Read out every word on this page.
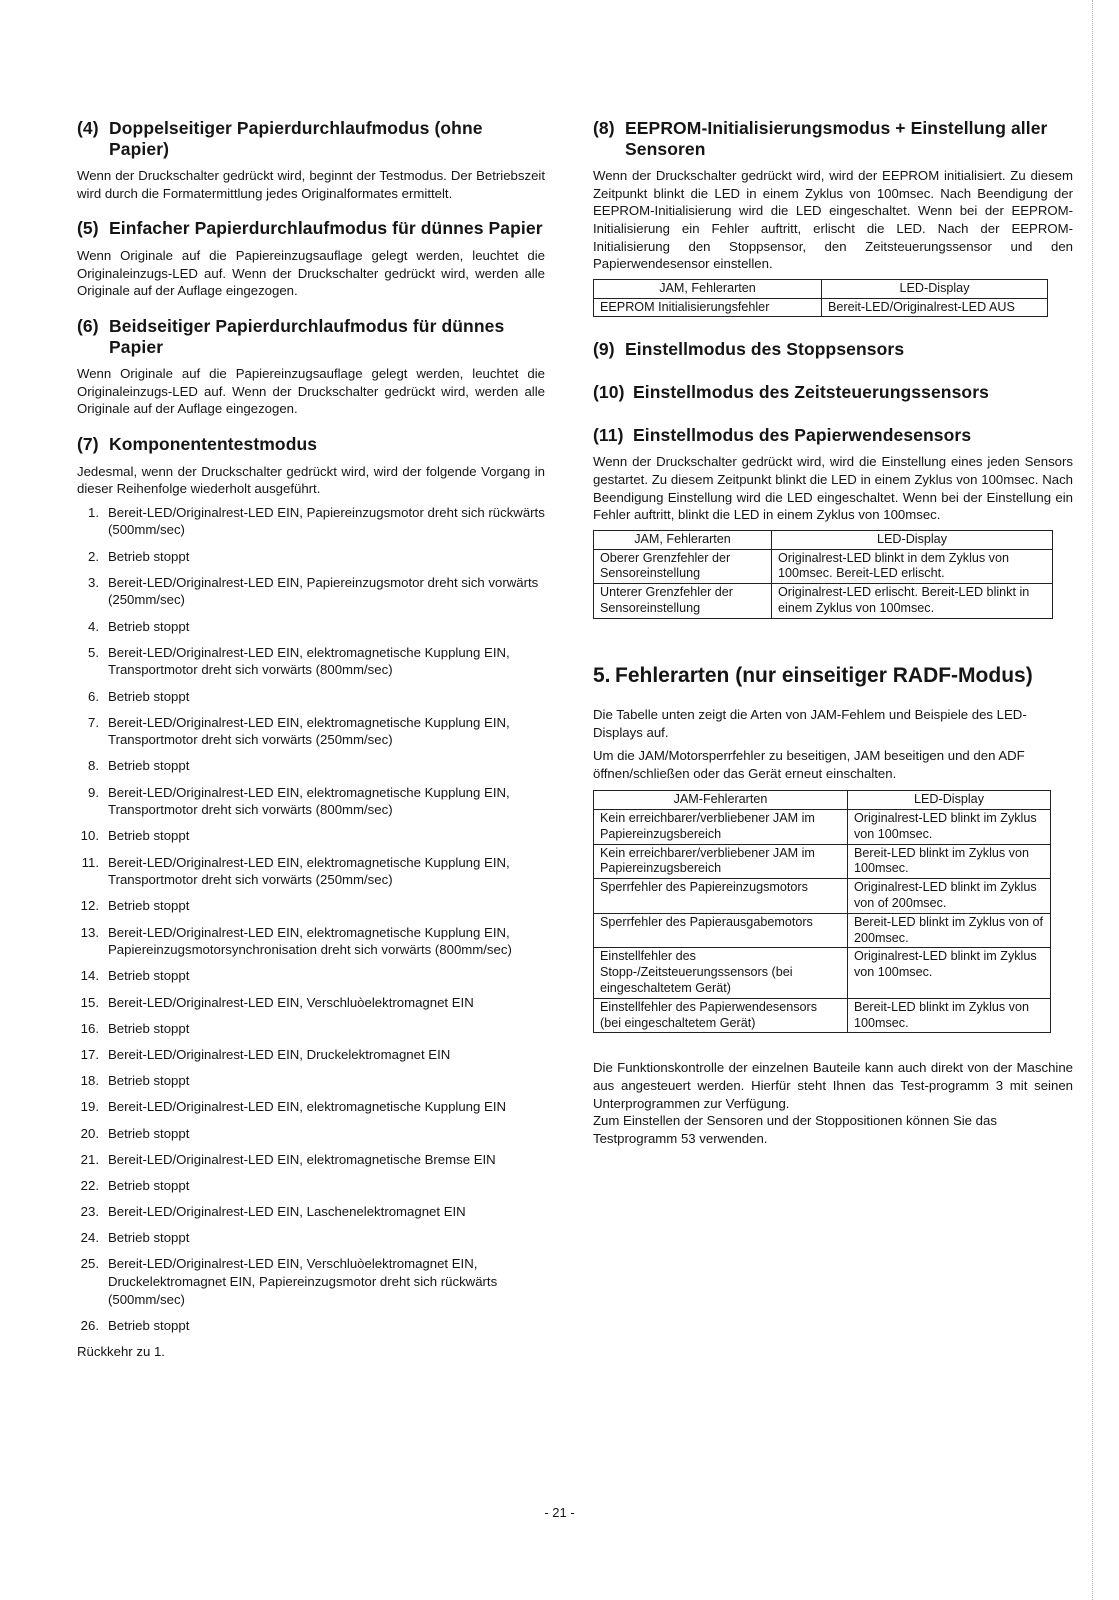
(4) Doppelseitiger Papierdurchlaufmodus (ohne Papier)

Wenn der Druckschalter gedrückt wird, beginnt der Testmodus. Der Betriebszeit wird durch die Formatermittlung jedes Originalformates ermittelt.

(5) Einfacher Papierdurchlaufmodus für dünnes Papier

Wenn Originale auf die Papiereinzugsauflage gelegt werden, leuchtet die Originaleinzugs-LED auf. Wenn der Druckschalter gedrückt wird, werden alle Originale auf der Auflage eingezogen.

(6) Beidseitiger Papierdurchlaufmodus für dünnes Papier

Wenn Originale auf die Papiereinzugsauflage gelegt werden, leuchtet die Originaleinzugs-LED auf. Wenn der Druckschalter gedrückt wird, werden alle Originale auf der Auflage eingezogen.

(7) Komponententestmodus

Jedesmal, wenn der Druckschalter gedrückt wird, wird der folgende Vorgang in dieser Reihenfolge wiederholt ausgeführt.

1. Bereit-LED/Originalrest-LED EIN, Papiereinzugsmotor dreht sich rückwärts (500mm/sec)
2. Betrieb stoppt
3. Bereit-LED/Originalrest-LED EIN, Papiereinzugsmotor dreht sich vorwärts (250mm/sec)
4. Betrieb stoppt
5. Bereit-LED/Originalrest-LED EIN, elektromagnetische Kupplung EIN, Transportmotor dreht sich vorwärts (800mm/sec)
6. Betrieb stoppt
7. Bereit-LED/Originalrest-LED EIN, elektromagnetische Kupplung EIN, Transportmotor dreht sich vorwärts (250mm/sec)
8. Betrieb stoppt
9. Bereit-LED/Originalrest-LED EIN, elektromagnetische Kupplung EIN, Transportmotor dreht sich vorwärts (800mm/sec)
10. Betrieb stoppt
11. Bereit-LED/Originalrest-LED EIN, elektromagnetische Kupplung EIN, Transportmotor dreht sich vorwärts (250mm/sec)
12. Betrieb stoppt
13. Bereit-LED/Originalrest-LED EIN, elektromagnetische Kupplung EIN, Papiereinzugsmotorsynchronisation dreht sich vorwärts (800mm/sec)
14. Betrieb stoppt
15. Bereit-LED/Originalrest-LED EIN, Verschluòelektromagnet EIN
16. Betrieb stoppt
17. Bereit-LED/Originalrest-LED EIN, Druckelektromagnet EIN
18. Betrieb stoppt
19. Bereit-LED/Originalrest-LED EIN, elektromagnetische Kupplung EIN
20. Betrieb stoppt
21. Bereit-LED/Originalrest-LED EIN, elektromagnetische Bremse EIN
22. Betrieb stoppt
23. Bereit-LED/Originalrest-LED EIN, Laschenelektromagnet EIN
24. Betrieb stoppt
25. Bereit-LED/Originalrest-LED EIN, Verschluòelektromagnet EIN, Druckelektromagnet EIN, Papiereinzugsmotor dreht sich rückwärts (500mm/sec)
26. Betrieb stoppt
Rückkehr zu 1.
(8) EEPROM-Initialisierungsmodus + Einstellung aller Sensoren

Wenn der Druckschalter gedrückt wird, wird der EEPROM initialisiert. Zu diesem Zeitpunkt blinkt die LED in einem Zyklus von 100msec. Nach Beendigung der EEPROM-Initialisierung wird die LED eingeschaltet. Wenn bei der EEPROM-Initialisierung ein Fehler auftritt, erlischt die LED. Nach der EEPROM-Initialisierung den Stoppsensor, den Zeitsteuerungssensor und den Papierwendesensor einstellen.

JAM, Fehlerarten	LED-Display
EEPROM Initialisierungsfehler	Bereit-LED/Originalrest-LED AUS
(9) Einstellmodus des Stoppsensors
(10) Einstellmodus des Zeitsteuerungssensors
(11) Einstellmodus des Papierwendesensors

Wenn der Druckschalter gedrückt wird, wird die Einstellung eines jeden Sensors gestartet. Zu diesem Zeitpunkt blinkt die LED in einem Zyklus von 100msec. Nach Beendigung Einstellung wird die LED eingeschaltet. Wenn bei der Einstellung ein Fehler auftritt, blinkt die LED in einem Zyklus von 100msec.

JAM, Fehlerarten	LED-Display
Oberer Grenzfehler der Sensoreinstellung	Originalrest-LED blinkt in dem Zyklus von 100msec. Bereit-LED erlischt.
Unterer Grenzfehler der Sensoreinstellung	Originalrest-LED erlischt. Bereit-LED blinkt in einem Zyklus von 100msec.
5. Fehlerarten (nur einseitiger RADF-Modus)

Die Tabelle unten zeigt die Arten von JAM-Fehlem und Beispiele des LED-Displays auf.

Um die JAM/Motorsperrfehler zu beseitigen, JAM beseitigen und den ADF öffnen/schließen oder das Gerät erneut einschalten.

JAM-Fehlerarten	LED-Display
Kein erreichbarer/verbliebener JAM im Papiereinzugsbereich	Originalrest-LED blinkt im Zyklus von 100msec.
Kein erreichbarer/verbliebener JAM im Papiereinzugsbereich	Bereit-LED blinkt im Zyklus von 100msec.
Sperrfehler des Papiereinzugsmotors	Originalrest-LED blinkt im Zyklus von of 200msec.
Sperrfehler des Papierausgabemotors	Bereit-LED blinkt im Zyklus von of 200msec.
Einstellfehler des Stopp-/Zeitsteuerungssensors (bei eingeschaltetem Gerät)	Originalrest-LED blinkt im Zyklus von 100msec.
Einstellfehler des Papierwendesensors (bei eingeschaltetem Gerät)	Bereit-LED blinkt im Zyklus von 100msec.

Die Funktionskontrolle der einzelnen Bauteile kann auch direkt von der Maschine aus angesteuert werden. Hierfür steht Ihnen das Test-programm 3 mit seinen Unterprogrammen zur Verfügung.

Zum Einstellen der Sensoren und der Stoppositionen können Sie das Testprogramm 53 verwenden.

- 21 -
